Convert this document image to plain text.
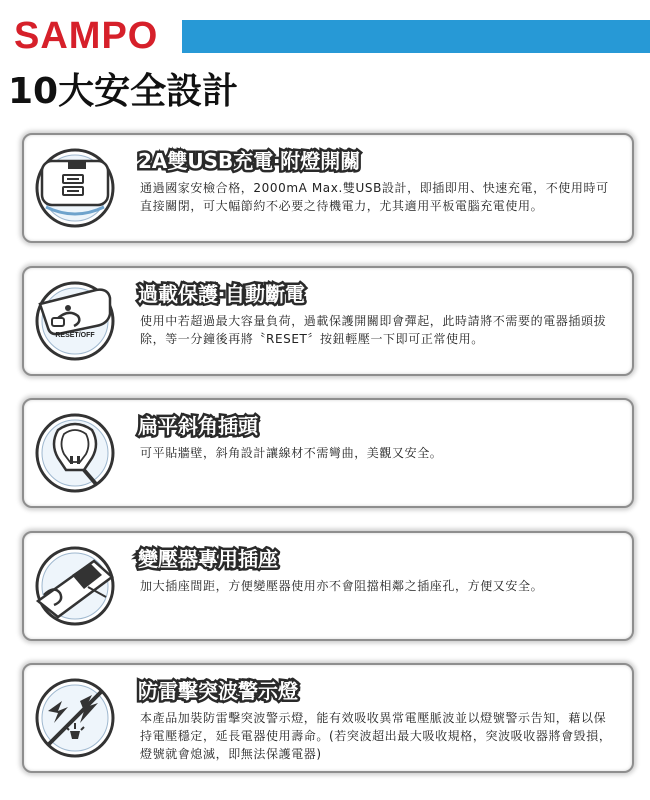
SAMPO
10大安全設計
2A雙USB充電‧附燈開關
通過國家安檢合格，2000mA Max.雙USB設計，即插即用、快速充電，不使用時可直接關閉，可大幅節約不必要之待機電力，尤其適用平板電腦充電使用。
RESET/OFF
過載保護‧自動斷電
使用中若超過最大容量負荷，過載保護開關即會彈起，此時請將不需要的電器插頭拔除，等一分鐘後再將〝RESET〞按鈕輕壓一下即可正常使用。
扁平斜角插頭
可平貼牆壁，斜角設計讓線材不需彎曲，美觀又安全。
變壓器專用插座
加大插座間距，方便變壓器使用亦不會阻擋相鄰之插座孔，方便又安全。
防雷擊突波警示燈
本產品加裝防雷擊突波警示燈，能有效吸收異常電壓脈波並以燈號警示告知，藉以保持電壓穩定，延長電器使用壽命。(若突波超出最大吸收規格，突波吸收器將會毀損，燈號就會熄滅，即無法保護電器)
